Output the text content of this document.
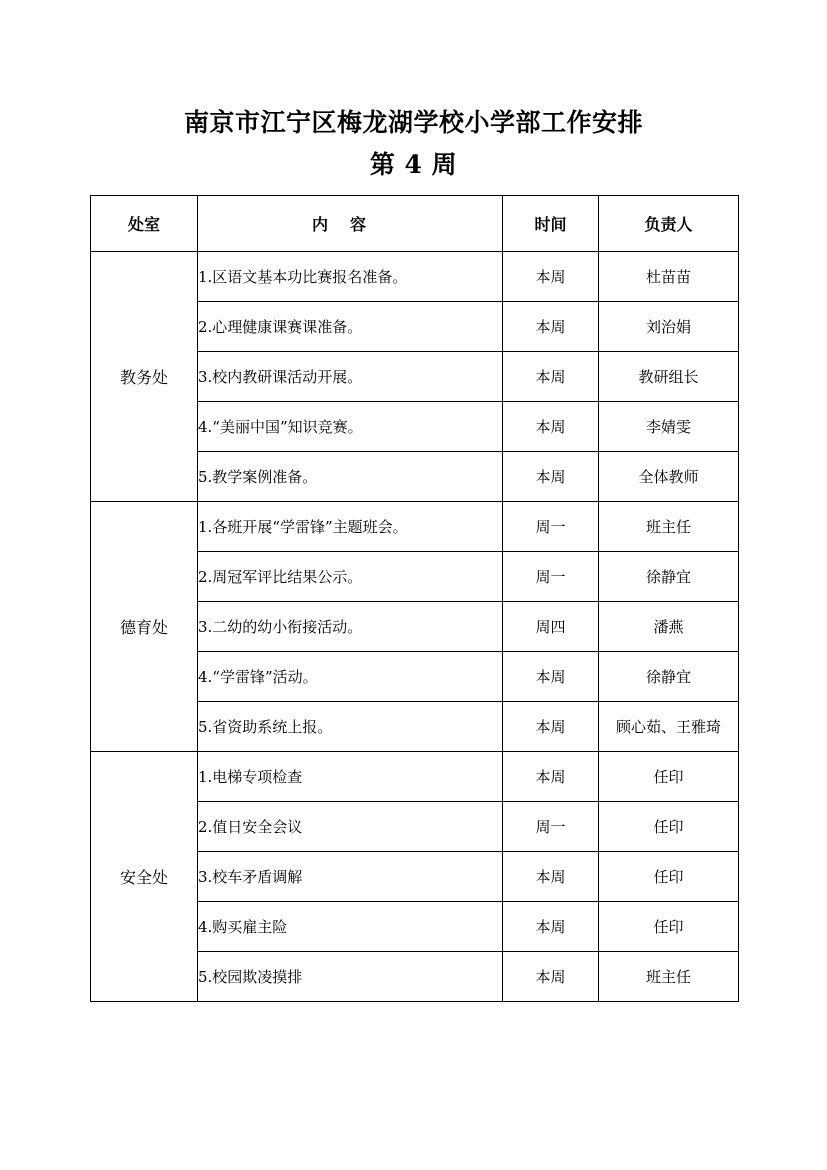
南京市江宁区梅龙湖学校小学部工作安排
第 4 周
处室	内容	时间	负责人
教务处	1.区语文基本功比赛报名准备。	本周	杜苗苗
	2.心理健康课赛课准备。	本周	刘治娟
	3.校内教研课活动开展。	本周	教研组长
	4.“美丽中国”知识竞赛。	本周	李婧雯
	5.教学案例准备。	本周	全体教师
德育处	1.各班开展“学雷锋”主题班会。	周一	班主任
	2.周冠军评比结果公示。	周一	徐静宜
	3.二幼的幼小衔接活动。	周四	潘燕
	4.“学雷锋”活动。	本周	徐静宜
	5.省资助系统上报。	本周	顾心茹、王雅琦
安全处	1.电梯专项检查	本周	任印
	2.值日安全会议	周一	任印
	3.校车矛盾调解	本周	任印
	4.购买雇主险	本周	任印
	5.校园欺凌摸排	本周	班主任
